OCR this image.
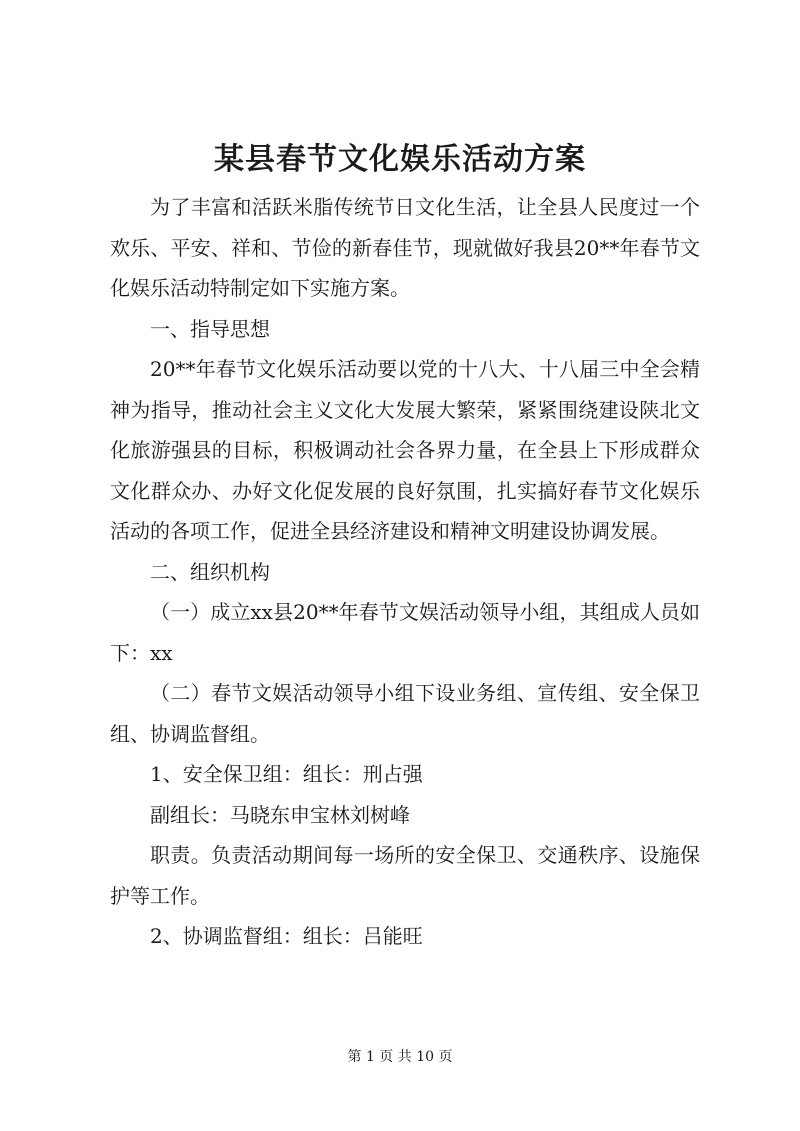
某县春节文化娱乐活动方案

为了丰富和活跃米脂传统节日文化生活，让全县人民度过一个欢乐、平安、祥和、节俭的新春佳节，现就做好我县20**年春节文化娱乐活动特制定如下实施方案。

一、指导思想

20**年春节文化娱乐活动要以党的十八大、十八届三中全会精神为指导，推动社会主义文化大发展大繁荣，紧紧围绕建设陕北文化旅游强县的目标，积极调动社会各界力量，在全县上下形成群众文化群众办、办好文化促发展的良好氛围，扎实搞好春节文化娱乐活动的各项工作，促进全县经济建设和精神文明建设协调发展。

二、组织机构

（一）成立xx县20**年春节文娱活动领导小组，其组成人员如下：xx

（二）春节文娱活动领导小组下设业务组、宣传组、安全保卫组、协调监督组。

1、安全保卫组：组长：刑占强

副组长：马晓东申宝林刘树峰

职责。负责活动期间每一场所的安全保卫、交通秩序、设施保护等工作。

2、协调监督组：组长：吕能旺

第 1 页 共 10 页
